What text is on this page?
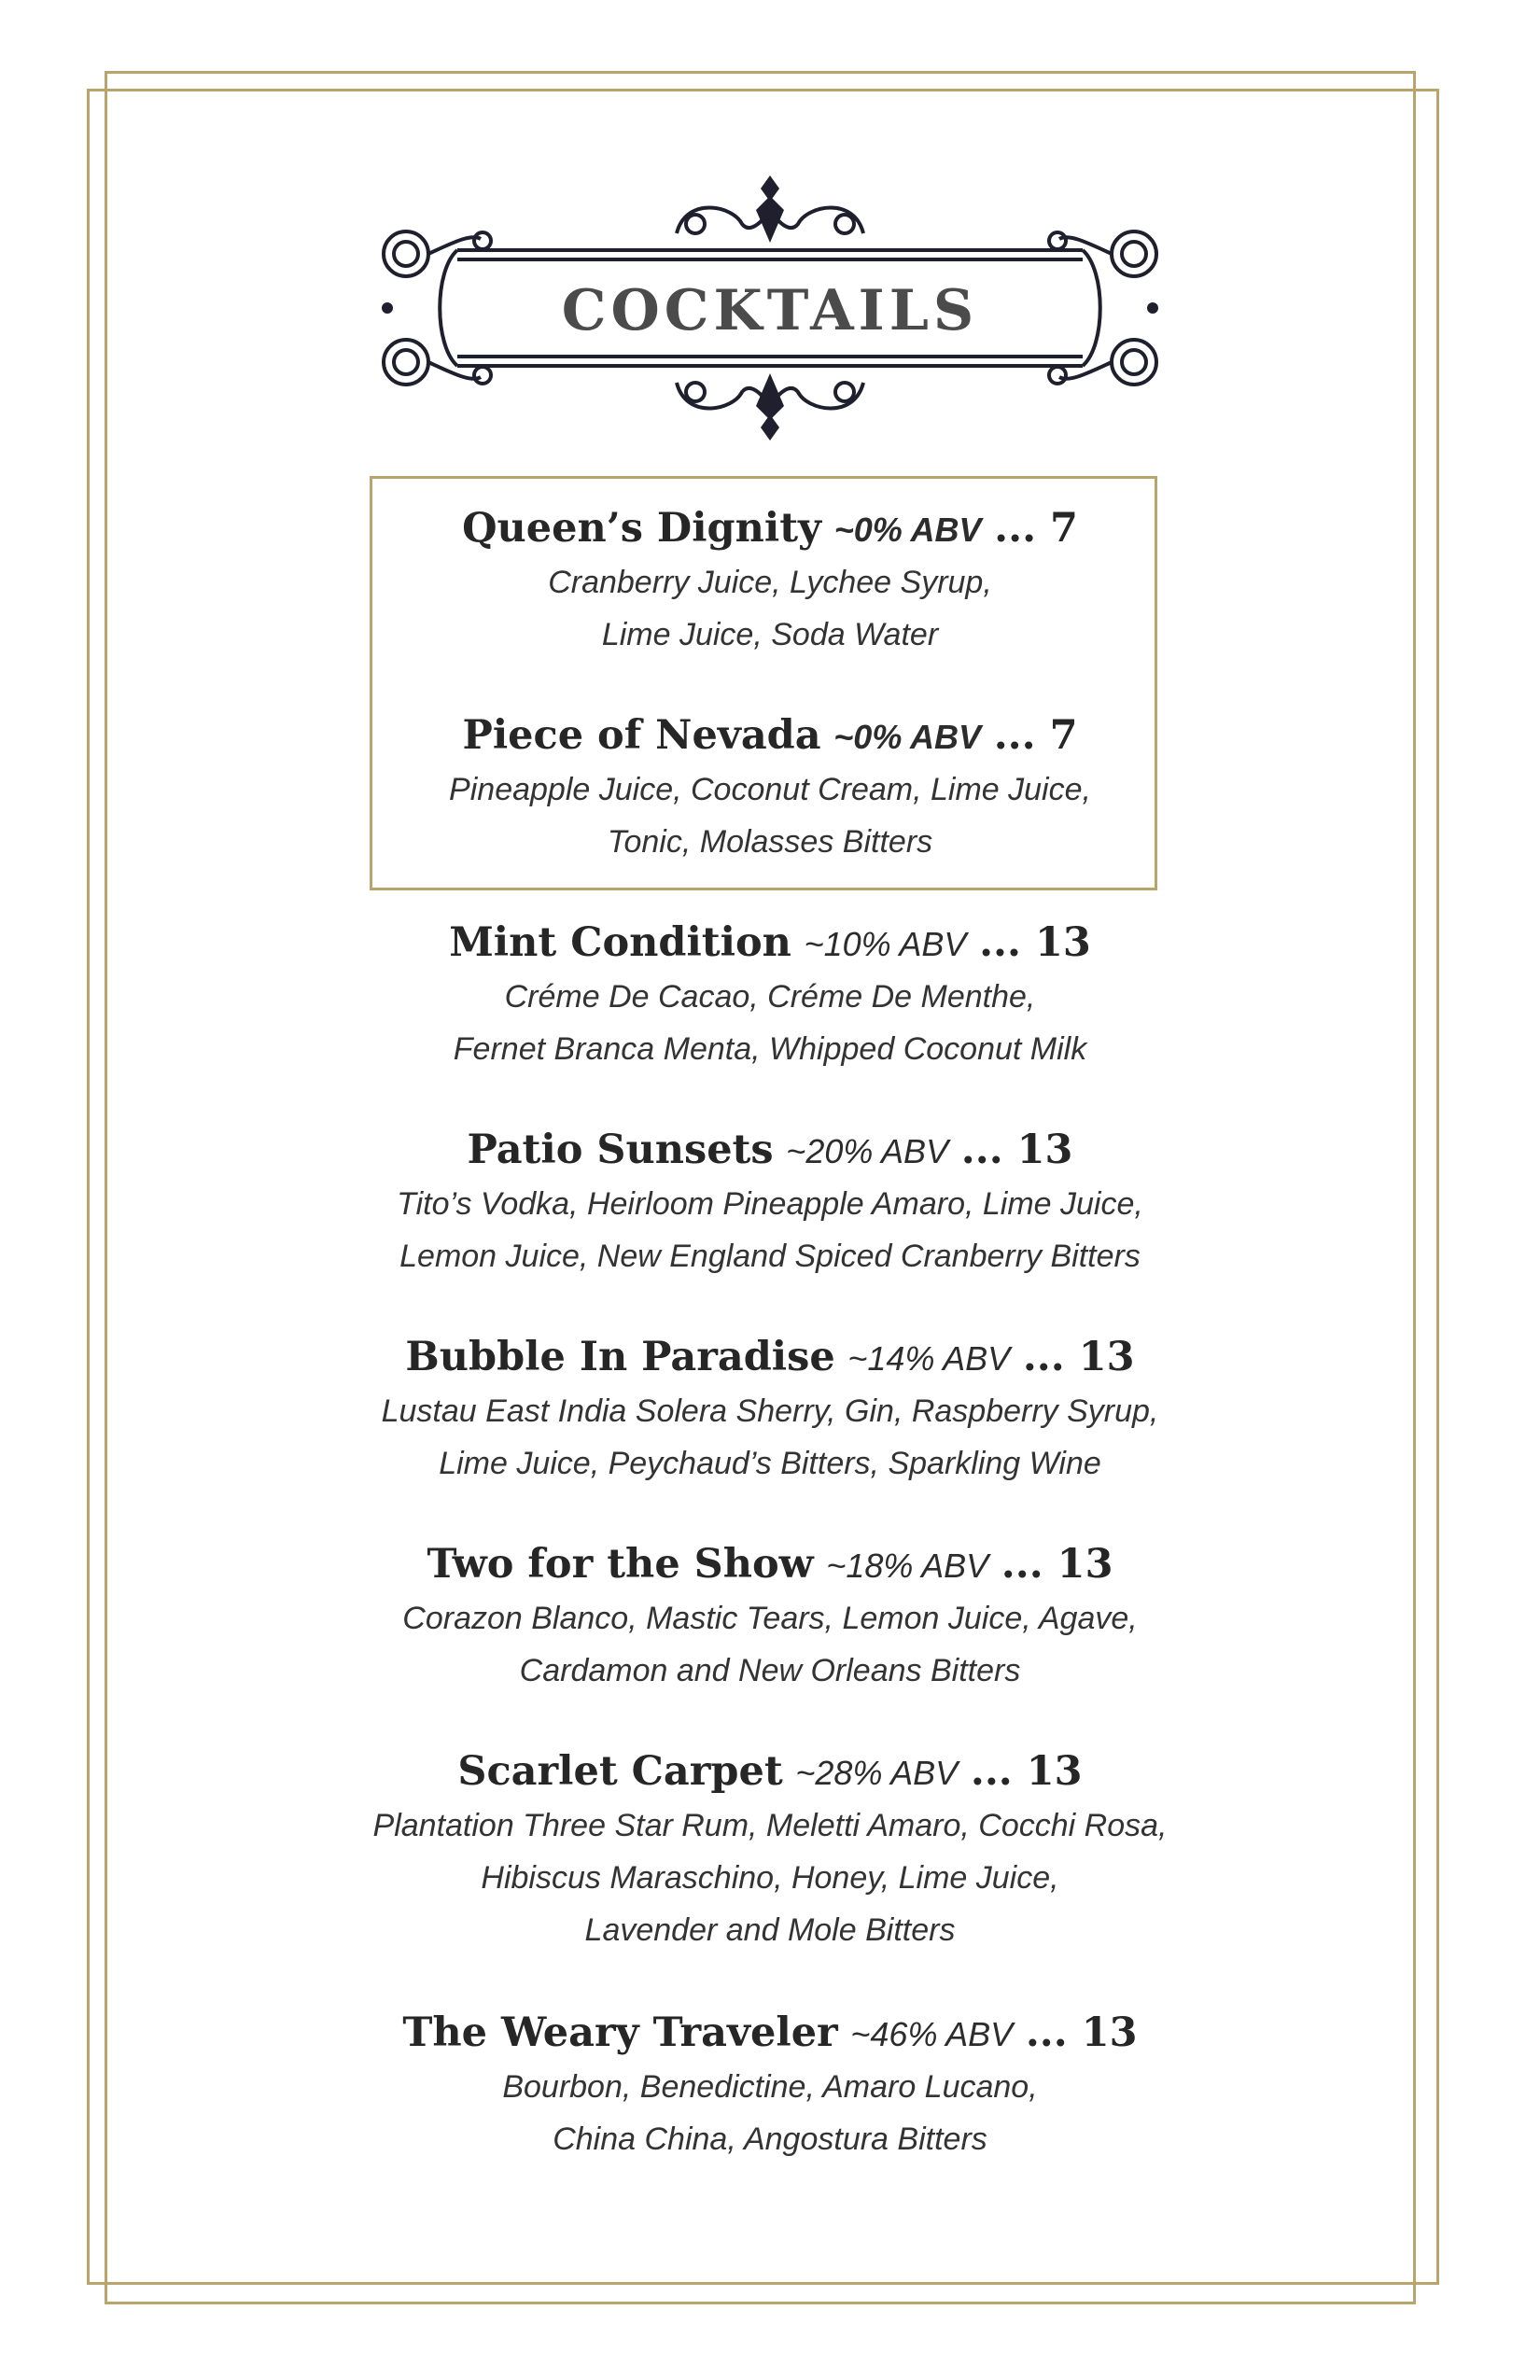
COCKTAILS
Queen’s Dignity ~0% ABV ... 7
Cranberry Juice, Lychee Syrup,
Lime Juice, Soda Water
Piece of Nevada ~0% ABV ... 7
Pineapple Juice, Coconut Cream, Lime Juice,
Tonic, Molasses Bitters
Mint Condition ~10% ABV ... 13
Créme De Cacao, Créme De Menthe,
Fernet Branca Menta, Whipped Coconut Milk
Patio Sunsets ~20% ABV ... 13
Tito’s Vodka, Heirloom Pineapple Amaro, Lime Juice,
Lemon Juice, New England Spiced Cranberry Bitters
Bubble In Paradise ~14% ABV ... 13
Lustau East India Solera Sherry, Gin, Raspberry Syrup,
Lime Juice, Peychaud’s Bitters, Sparkling Wine
Two for the Show ~18% ABV ... 13
Corazon Blanco, Mastic Tears, Lemon Juice, Agave,
Cardamon and New Orleans Bitters
Scarlet Carpet ~28% ABV ... 13
Plantation Three Star Rum, Meletti Amaro, Cocchi Rosa,
Hibiscus Maraschino, Honey, Lime Juice,
Lavender and Mole Bitters
The Weary Traveler ~46% ABV ... 13
Bourbon, Benedictine, Amaro Lucano,
China China, Angostura Bitters
